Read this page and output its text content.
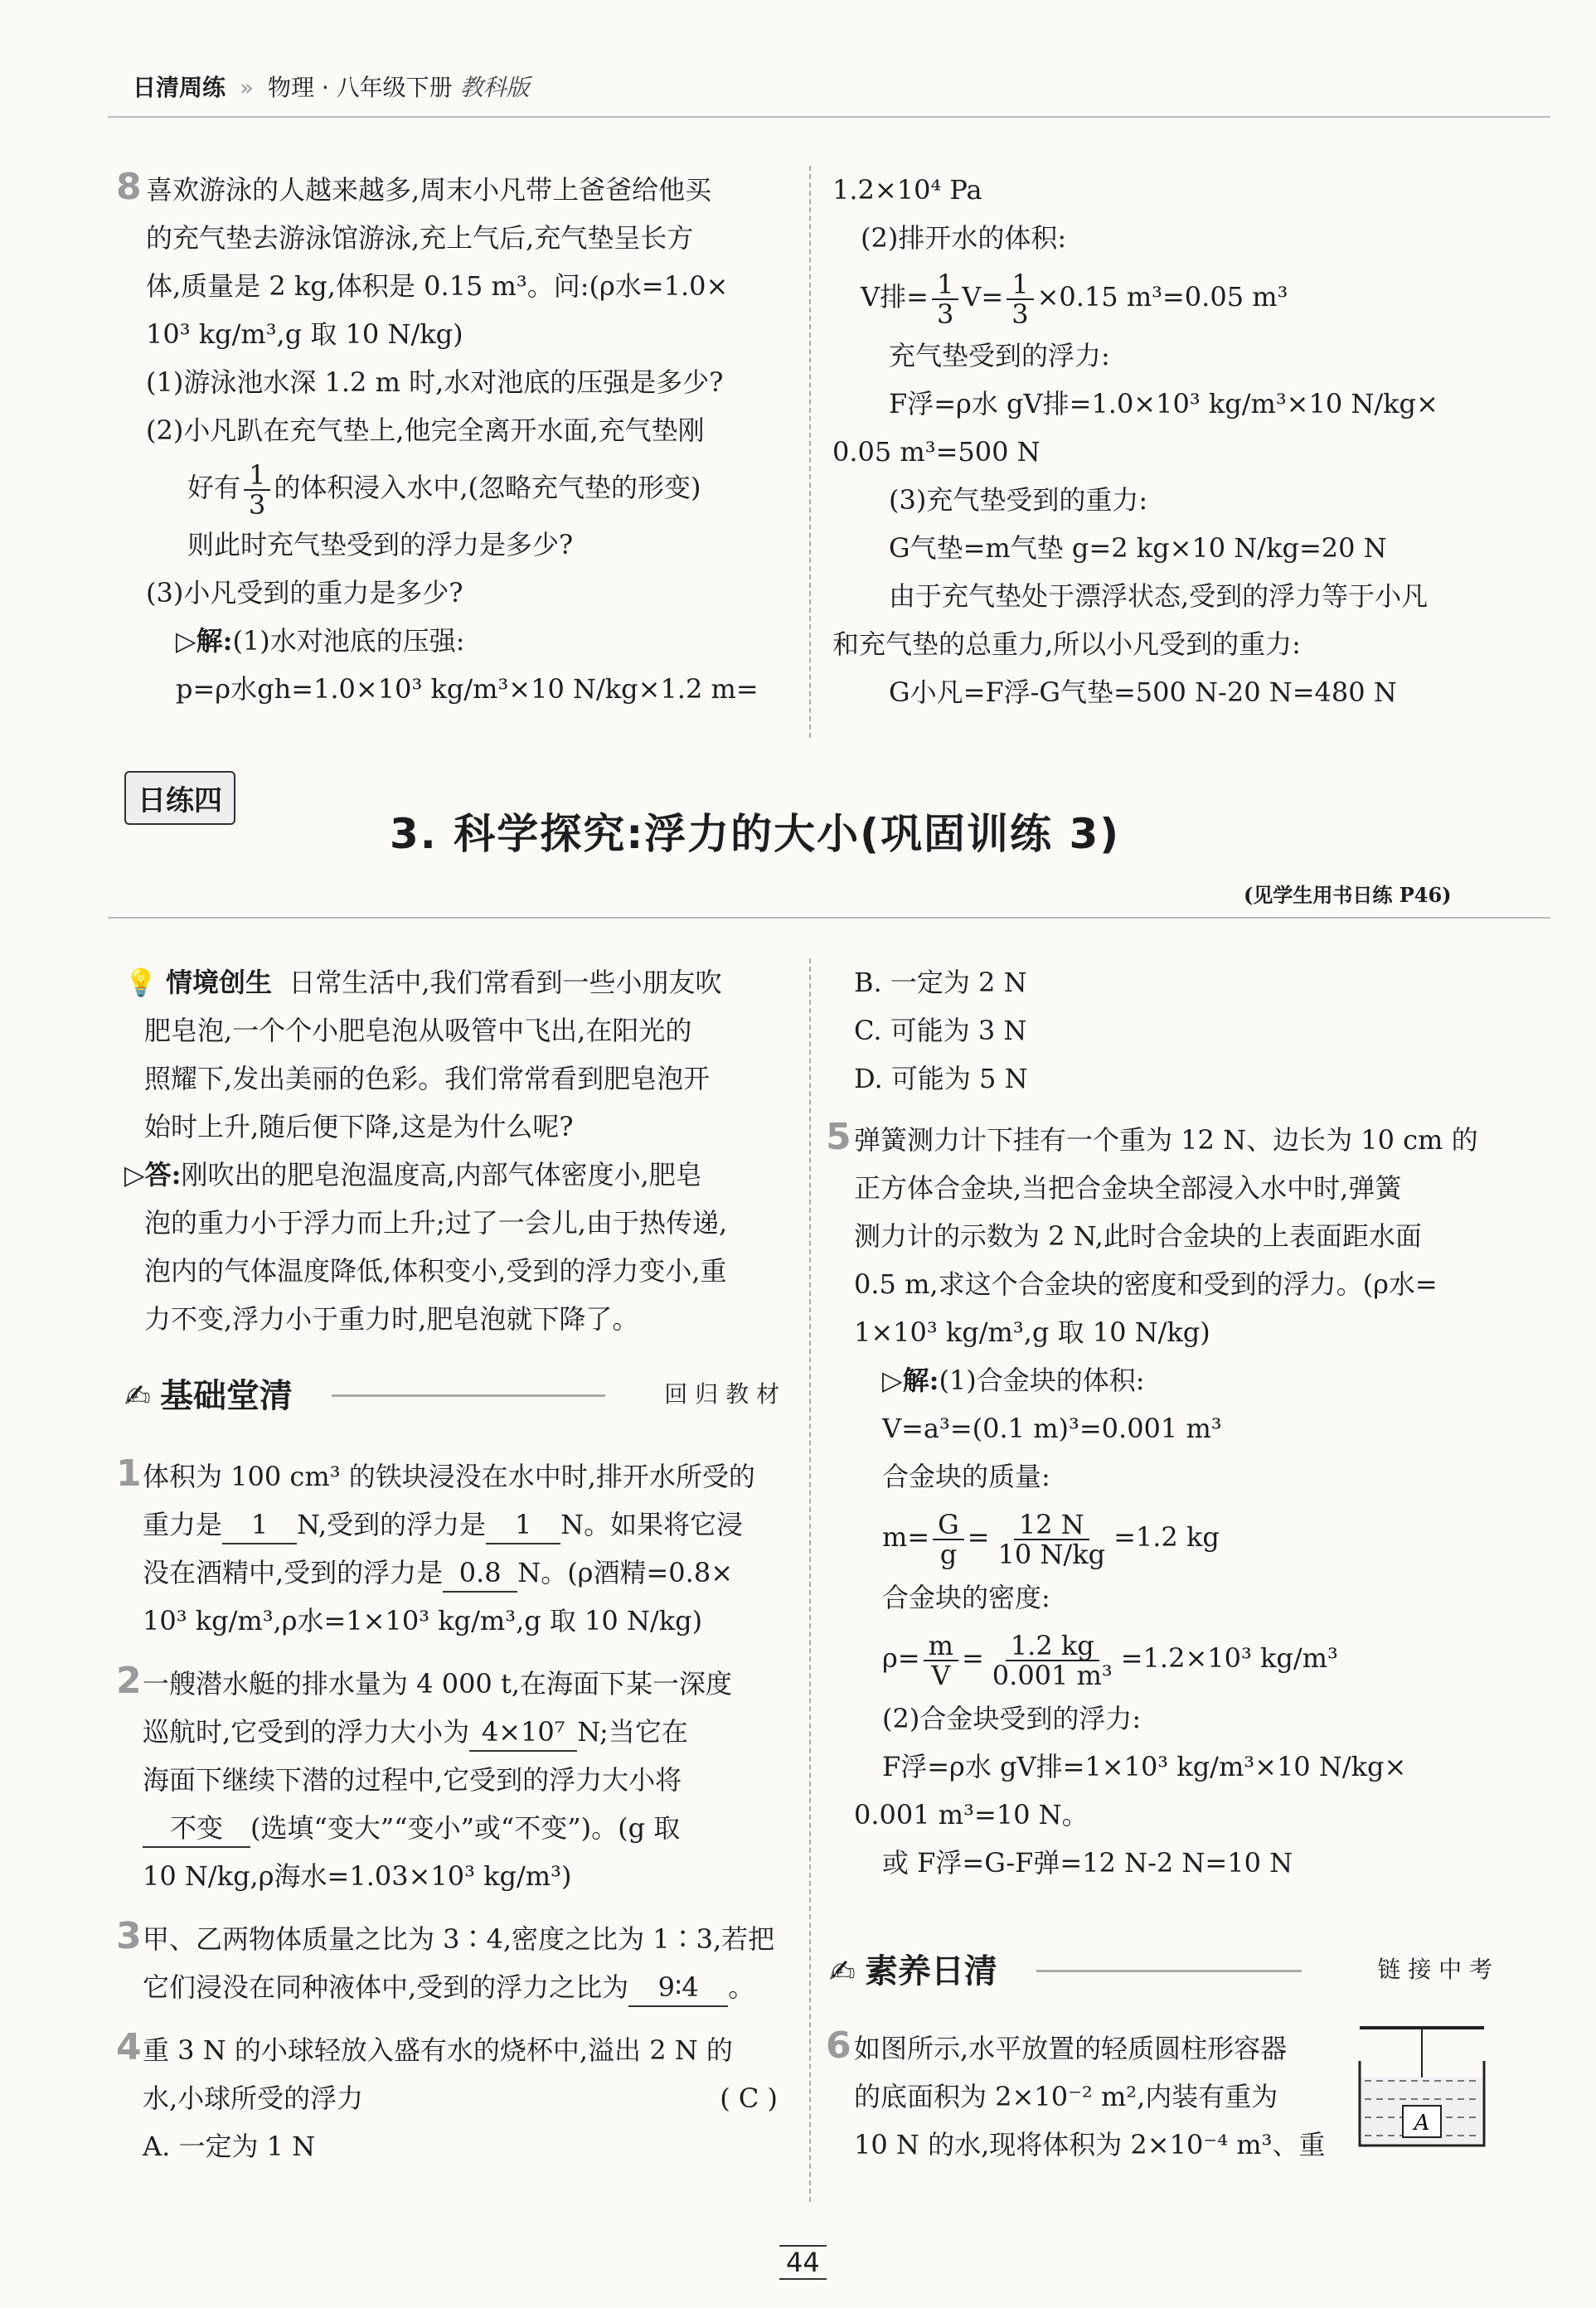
日清周练 » 物理 · 八年级下册 教科版
8 喜欢游泳的人越来越多,周末小凡带上爸爸给他买
的充气垫去游泳馆游泳,充上气后,充气垫呈长方
体,质量是 2 kg,体积是 0.15 m³。问:(ρ水=1.0×
10³ kg/m³,g 取 10 N/kg)
(1)游泳池水深 1.2 m 时,水对池底的压强是多少?
(2)小凡趴在充气垫上,他完全离开水面,充气垫刚
好有 $\frac{1}{3}$ 的体积浸入水中,(忽略充气垫的形变)
则此时充气垫受到的浮力是多少?
(3)小凡受到的重力是多少?
▷解:(1)水对池底的压强:
p=ρ水gh=1.0×10³ kg/m³×10 N/kg×1.2 m=
1.2×10⁴ Pa
(2)排开水的体积:
V排= $\frac{1}{3} V= \frac{1}{3} \times 0.15$ m³=0.05 m³
充气垫受到的浮力:
F浮=ρ水 gV排=1.0×10³ kg/m³×10 N/kg×
0.05 m³=500 N
(3)充气垫受到的重力:
G气垫=m气垫 g=2 kg×10 N/kg=20 N
由于充气垫处于漂浮状态,受到的浮力等于小凡
和充气垫的总重力,所以小凡受到的重力:
G小凡=F浮-G气垫=500 N-20 N=480 N
日练四
3. 科学探究:浮力的大小(巩固训练 3)
(见学生用书日练 P46)
💡 情境创生 日常生活中,我们常看到一些小朋友吹
肥皂泡,一个个小肥皂泡从吸管中飞出,在阳光的
照耀下,发出美丽的色彩。我们常常看到肥皂泡开
始时上升,随后便下降,这是为什么呢?
▷答:刚吹出的肥皂泡温度高,内部气体密度小,肥皂
泡的重力小于浮力而上升;过了一会儿,由于热传递,
泡内的气体温度降低,体积变小,受到的浮力变小,重
力不变,浮力小于重力时,肥皂泡就下降了。
✍ 基础堂清	回 归 教 材
1 体积为 100 cm³ 的铁块浸没在水中时,排开水所受的
重力是 1 N,受到的浮力是 1 N。如果将它浸
没在酒精中,受到的浮力是 0.8 N。(ρ酒精=0.8×
10³ kg/m³,ρ水=1×10³ kg/m³,g 取 10 N/kg)
2 一艘潜水艇的排水量为 4 000 t,在海面下某一深度
巡航时,它受到的浮力大小为 4×10⁷ N;当它在
海面下继续下潜的过程中,它受到的浮力大小将
不变 (选填“变大”“变小”或“不变”)。(g 取
10 N/kg,ρ海水=1.03×10³ kg/m³)
3 甲、乙两物体质量之比为 3∶4,密度之比为 1∶3,若把
它们浸没在同种液体中,受到的浮力之比为 9∶4 。
4 重 3 N 的小球轻放入盛有水的烧杯中,溢出 2 N 的
水,小球所受的浮力	( C )
A. 一定为 1 N
B. 一定为 2 N
C. 可能为 3 N
D. 可能为 5 N
5 弹簧测力计下挂有一个重为 12 N、边长为 10 cm 的
正方体合金块,当把合金块全部浸入水中时,弹簧
测力计的示数为 2 N,此时合金块的上表面距水面
0.5 m,求这个合金块的密度和受到的浮力。(ρ水=
1×10³ kg/m³,g 取 10 N/kg)
▷解:(1)合金块的体积:
V=a³=(0.1 m)³=0.001 m³
合金块的质量:
$m= \frac{G}{g} = \frac{12 N}{10 N/kg} =1.2$ kg
合金块的密度:
$\rho= \frac{m}{V} = \frac{1.2 kg}{\text{0.001 m³}} =1.2\times 10^3$ kg/m³
(2)合金块受到的浮力:
F浮=ρ水 gV排=1×10³ kg/m³×10 N/kg×
0.001 m³=10 N。
或 F浮=G-F弹=12 N-2 N=10 N
✍ 素养日清	链 接 中 考
6 如图所示,水平放置的轻质圆柱形容器
的底面积为 2×10⁻² m²,内装有重为
10 N 的水,现将体积为 2×10⁻⁴ m³、重
A
44
